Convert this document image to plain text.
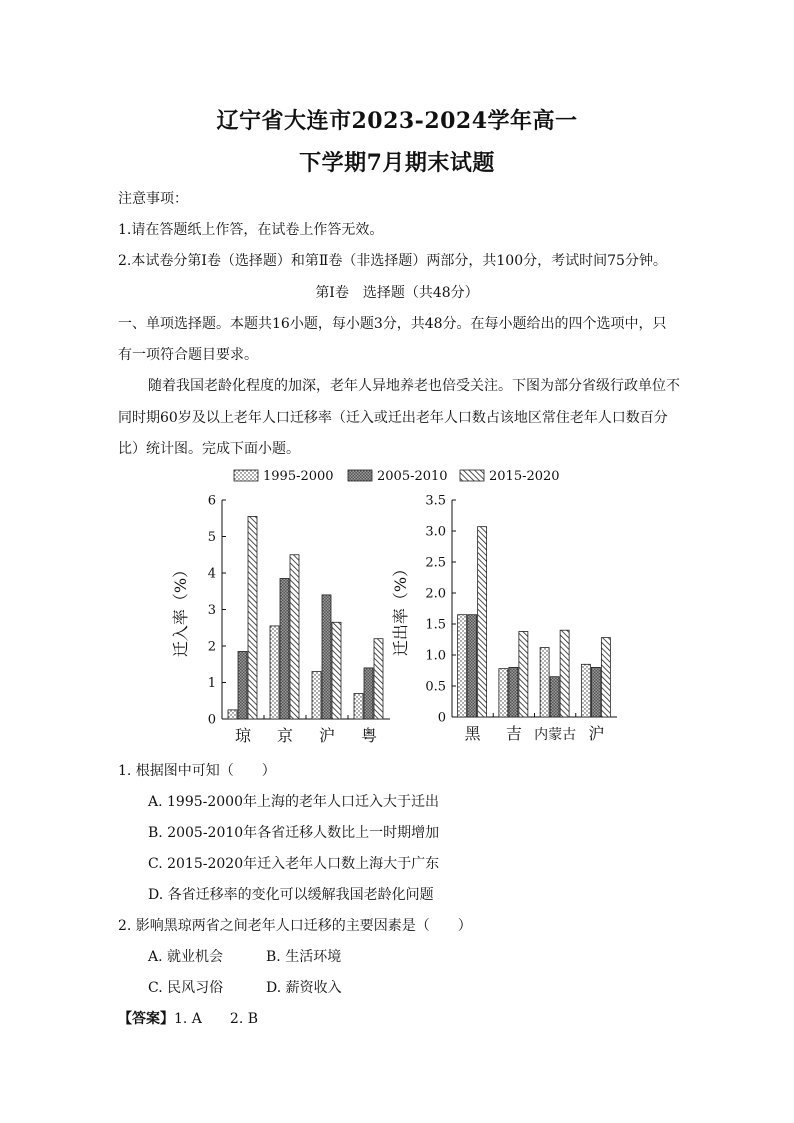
辽宁省大连市2023-2024学年高一
下学期7月期末试题
注意事项：
1.请在答题纸上作答，在试卷上作答无效。
2.本试卷分第Ⅰ卷（选择题）和第Ⅱ卷（非选择题）两部分，共100分，考试时间75分钟。
第Ⅰ卷　选择题（共48分）
一、单项选择题。本题共16小题，每小题3分，共48分。在每小题给出的四个选项中，只
有一项符合题目要求。
随着我国老龄化程度的加深，老年人异地养老也倍受关注。下图为部分省级行政单位不
同时期60岁及以上老年人口迁移率（迁入或迁出老年人口数占该地区常住老年人口数百分
比）统计图。完成下面小题。
1995-2000	2005-2010	2015-2020
0
1
2
3
4
5
6
迁入率（%）
琼 京 沪 粤
0
0.5
1.0
1.5
2.0
2.5
3.0
3.5
迁出率（%）
黑 吉 内蒙古 沪
1. 根据图中可知（　　）
A. 1995-2000年上海的老年人口迁入大于迁出
B. 2005-2010年各省迁移人数比上一时期增加
C. 2015-2020年迁入老年人口数上海大于广东
D. 各省迁移率的变化可以缓解我国老龄化问题
2. 影响黑琼两省之间老年人口迁移的主要因素是（　　）
A. 就业机会	B. 生活环境
C. 民风习俗	D. 薪资收入
【答案】1. A　　2. B
